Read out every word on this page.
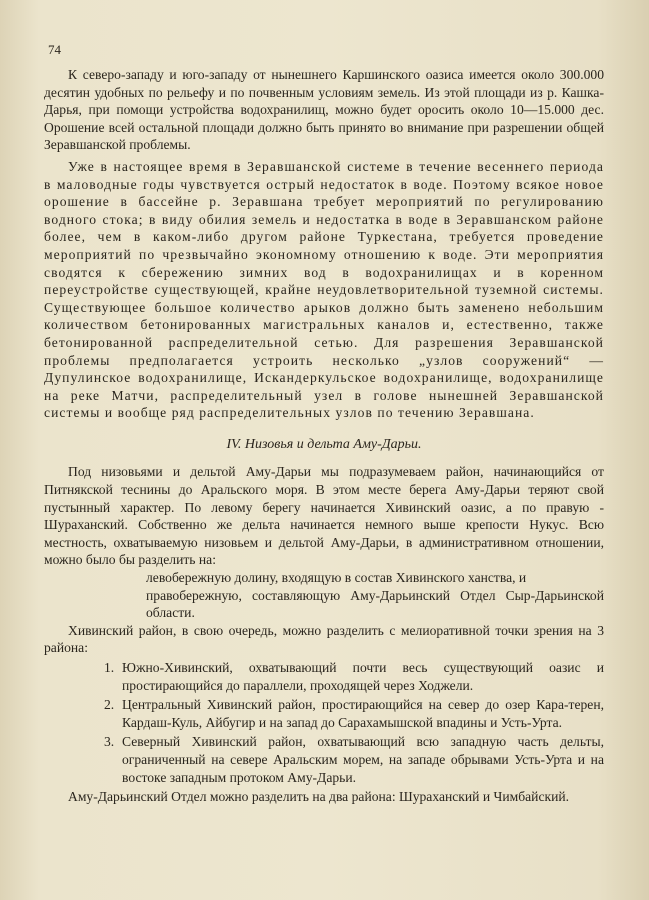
74

К северо-западу и юго-западу от нынешнего Каршинского оазиса имеется около 300.000 десятин удобных по рельефу и по почвенным условиям земель. Из этой площади из р. Кашка-Дарья, при помощи устройства водохранилищ, можно будет оросить около 10—15.000 дес. Орошение всей остальной площади должно быть принято во внимание при разрешении общей Зеравшанской проблемы.

Уже в настоящее время в Зеравшанской системе в течение весеннего периода в маловодные годы чувствуется острый недостаток в воде. Поэтому всякое новое орошение в бассейне р. Зеравшана требует мероприятий по регулированию водного стока; в виду обилия земель и недостатка в воде в Зеравшанском районе более, чем в каком-либо другом районе Туркестана, требуется проведение мероприятий по чрезвычайно экономному отношению к воде. Эти мероприятия сводятся к сбережению зимних вод в водохранилищах и в коренном переустройстве существующей, крайне неудовлетворительной туземной системы. Существующее большое количество арыков должно быть заменено небольшим количеством бетонированных магистральных каналов и, естественно, также бетонированной распределительной сетью. Для разрешения Зеравшанской проблемы предполагается устроить несколько „узлов сооружений“ — Дупулинское водохранилище, Искандеркульское водохранилище, водохранилище на реке Матчи, распределительный узел в голове нынешней Зеравшанской системы и вообще ряд распределительных узлов по течению Зеравшана.

IV. Низовья и дельта Аму-Дарьи.

Под низовьями и дельтой Аму-Дарьи мы подразумеваем район, начинающийся от Питнякской теснины до Аральского моря. В этом месте берега Аму-Дарьи теряют свой пустынный характер. По левому берегу начинается Хивинский оазис, а по правую - Шураханский. Собственно же дельта начинается немного выше крепости Нукус. Всю местность, охватываемую низовьем и дельтой Аму-Дарьи, в административном отношении, можно было бы разделить на:

левобережную долину, входящую в состав Хивинского ханства, и

правобережную, составляющую Аму-Дарьинский Отдел Сыр-Дарьинской области.

Хивинский район, в свою очередь, можно разделить с мелиоративной точки зрения на 3 района:

1. Южно-Хивинский, охватывающий почти весь существующий оазис и простирающийся до параллели, проходящей через Ходжели.
2. Центральный Хивинский район, простирающийся на север до озер Карa-терен, Кардаш-Куль, Айбугир и на запад до Сарахамышской впадины и Усть-Урта.
3. Северный Хивинский район, охватывающий всю западную часть дельты, ограниченный на севере Аральским морем, на западе обрывами Усть-Урта и на востоке западным протоком Аму-Дарьи.

Аму-Дарьинский Отдел можно разделить на два района: Шураханский и Чимбайский.
